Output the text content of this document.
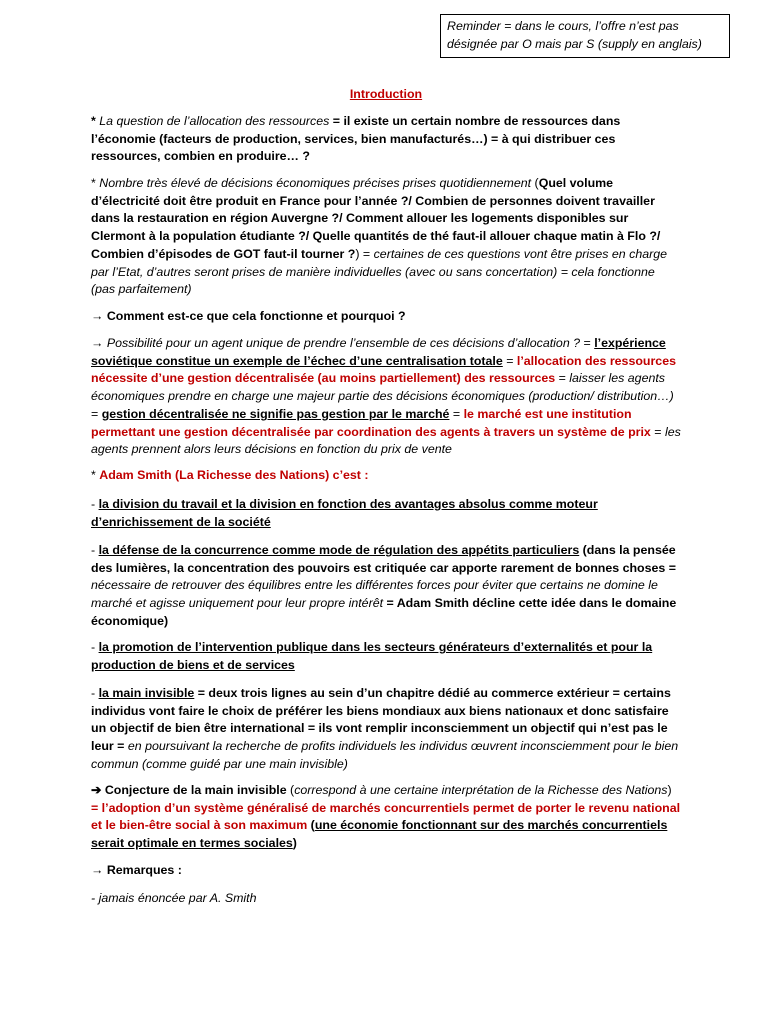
Reminder = dans le cours, l’offre n’est pas
désignée par O mais par S (supply en anglais)
Introduction
* La question de l’allocation des ressources = il existe un certain nombre de ressources dans l’économie (facteurs de production, services, bien manufacturés…) = à qui distribuer ces ressources, combien en produire… ?
* Nombre très élevé de décisions économiques précises prises quotidiennement (Quel volume d’électricité doit être produit en France pour l’année ?/ Combien de personnes doivent travailler dans la restauration en région Auvergne ?/ Comment allouer les logements disponibles sur Clermont à la population étudiante ?/ Quelle quantités de thé faut-il allouer chaque matin à Flo ?/ Combien d’épisodes de GOT faut-il tourner ?) = certaines de ces questions vont être prises en charge par l’Etat, d’autres seront prises de manière individuelles (avec ou sans concertation) = cela fonctionne (pas parfaitement)
→ Comment est-ce que cela fonctionne et pourquoi ?
→ Possibilité pour un agent unique de prendre l’ensemble de ces décisions d’allocation ? = l’expérience soviétique constitue un exemple de l’échec d’une centralisation totale = l’allocation des ressources nécessite d’une gestion décentralisée (au moins partiellement) des ressources = laisser les agents économiques prendre en charge une majeur partie des décisions économiques (production/ distribution…) = gestion décentralisée ne signifie pas gestion par le marché = le marché est une institution permettant une gestion décentralisée par coordination des agents à travers un système de prix = les agents prennent alors leurs décisions en fonction du prix de vente
* Adam Smith (La Richesse des Nations) c’est :
- la division du travail et la division en fonction des avantages absolus comme moteur d’enrichissement de la société
- la défense de la concurrence comme mode de régulation des appétits particuliers (dans la pensée des lumières, la concentration des pouvoirs est critiquée car apporte rarement de bonnes choses = nécessaire de retrouver des équilibres entre les différentes forces pour éviter que certains ne domine le marché et agisse uniquement pour leur propre intérêt = Adam Smith décline cette idée dans le domaine économique)
- la promotion de l’intervention publique dans les secteurs générateurs d’externalités et pour la production de biens et de services
- la main invisible = deux trois lignes au sein d’un chapitre dédié au commerce extérieur = certains individus vont faire le choix de préférer les biens mondiaux aux biens nationaux et donc satisfaire un objectif de bien être international = ils vont remplir inconsciemment un objectif qui n’est pas le leur = en poursuivant la recherche de profits individuels les individus œuvrent inconsciemment pour le bien commun (comme guidé par une main invisible)
➔ Conjecture de la main invisible (correspond à une certaine interprétation de la Richesse des Nations) = l’adoption d’un système généralisé de marchés concurrentiels permet de porter le revenu national et le bien-être social à son maximum (une économie fonctionnant sur des marchés concurrentiels serait optimale en termes sociales)
→ Remarques :
- jamais énoncée par A. Smith
